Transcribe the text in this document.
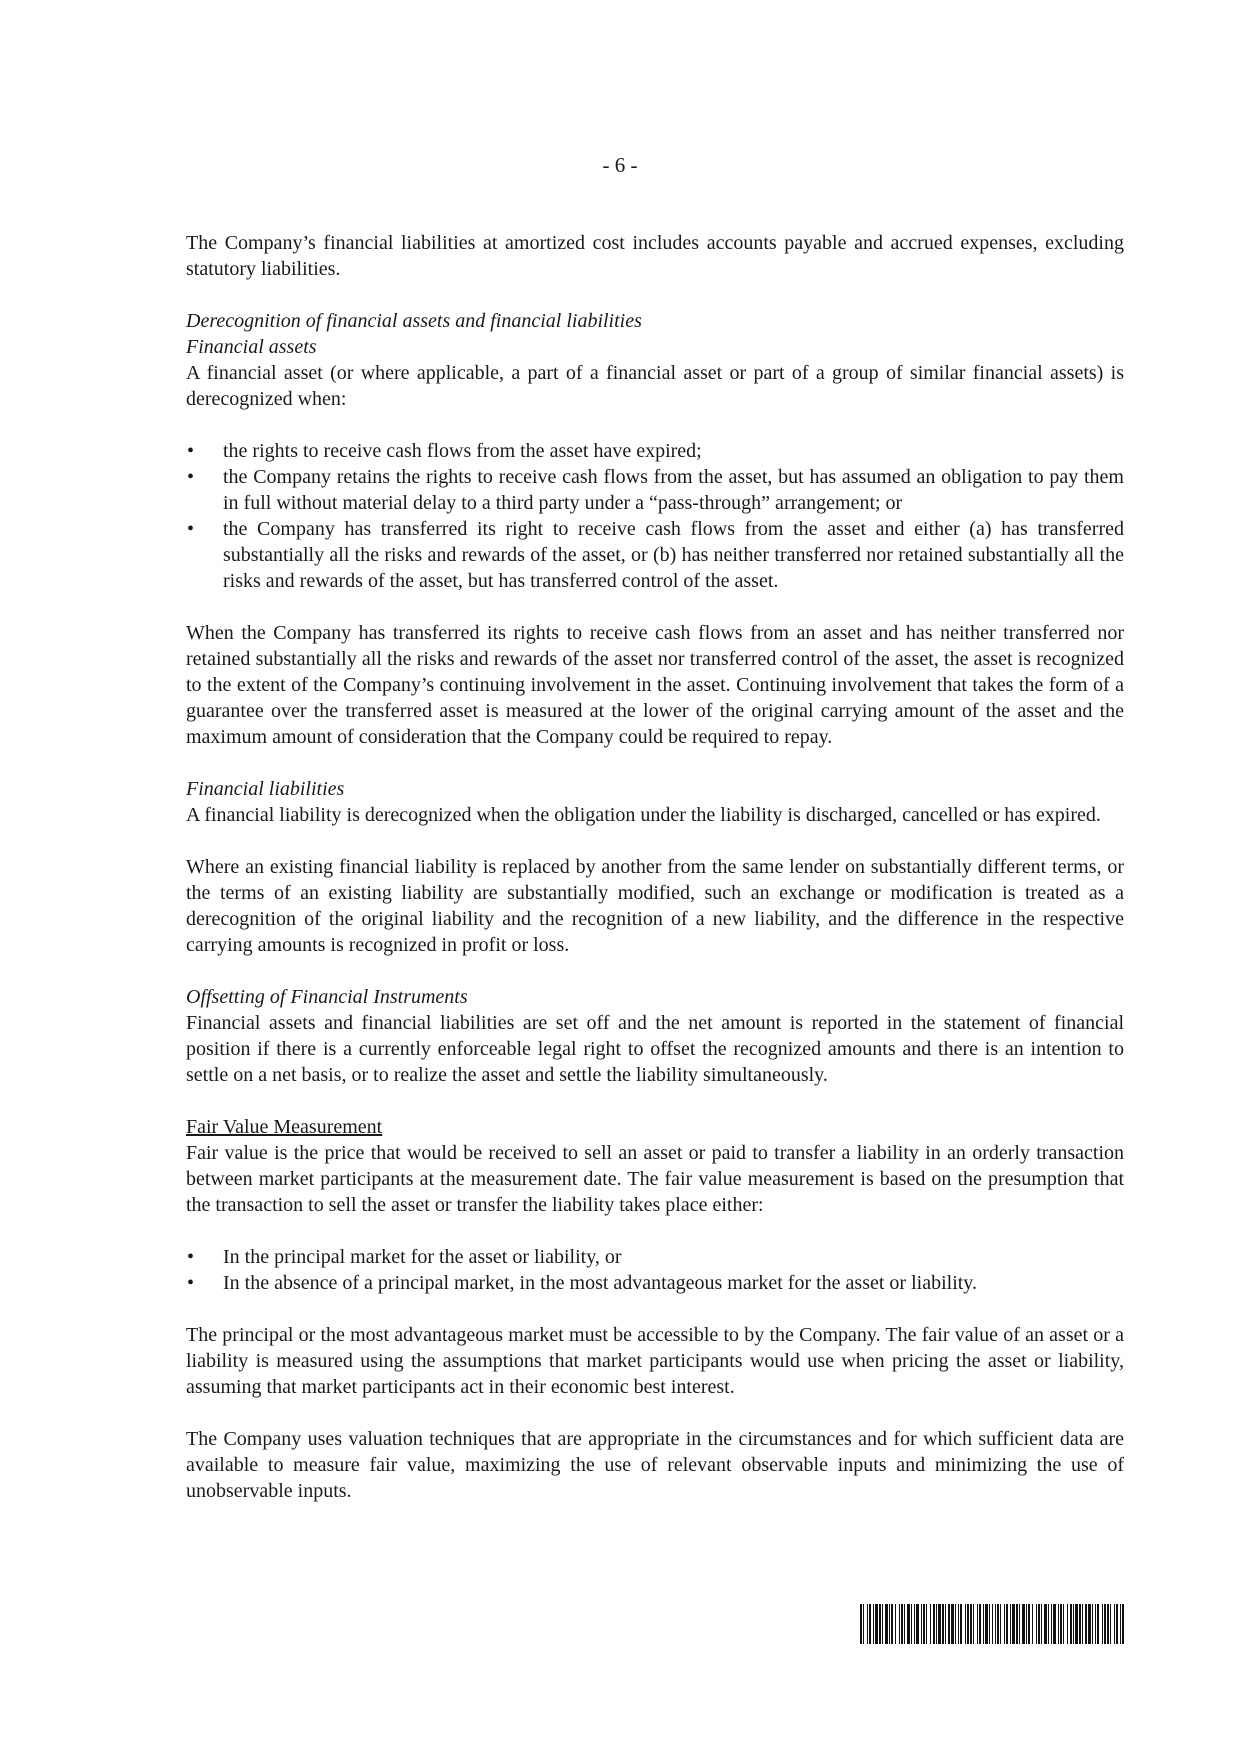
- 6 -

The Company’s financial liabilities at amortized cost includes accounts payable and accrued expenses, excluding statutory liabilities.

Derecognition of financial assets and financial liabilities

Financial assets

A financial asset (or where applicable, a part of a financial asset or part of a group of similar financial assets) is derecognized when:

• the rights to receive cash flows from the asset have expired;
• the Company retains the rights to receive cash flows from the asset, but has assumed an obligation to pay them in full without material delay to a third party under a “pass-through” arrangement; or
• the Company has transferred its right to receive cash flows from the asset and either (a) has transferred substantially all the risks and rewards of the asset, or (b) has neither transferred nor retained substantially all the risks and rewards of the asset, but has transferred control of the asset.

When the Company has transferred its rights to receive cash flows from an asset and has neither transferred nor retained substantially all the risks and rewards of the asset nor transferred control of the asset, the asset is recognized to the extent of the Company’s continuing involvement in the asset. Continuing involvement that takes the form of a guarantee over the transferred asset is measured at the lower of the original carrying amount of the asset and the maximum amount of consideration that the Company could be required to repay.

Financial liabilities

A financial liability is derecognized when the obligation under the liability is discharged, cancelled or has expired.

Where an existing financial liability is replaced by another from the same lender on substantially different terms, or the terms of an existing liability are substantially modified, such an exchange or modification is treated as a derecognition of the original liability and the recognition of a new liability, and the difference in the respective carrying amounts is recognized in profit or loss.

Offsetting of Financial Instruments

Financial assets and financial liabilities are set off and the net amount is reported in the statement of financial position if there is a currently enforceable legal right to offset the recognized amounts and there is an intention to settle on a net basis, or to realize the asset and settle the liability simultaneously.

Fair Value Measurement

Fair value is the price that would be received to sell an asset or paid to transfer a liability in an orderly transaction between market participants at the measurement date. The fair value measurement is based on the presumption that the transaction to sell the asset or transfer the liability takes place either:

• In the principal market for the asset or liability, or
• In the absence of a principal market, in the most advantageous market for the asset or liability.

The principal or the most advantageous market must be accessible to by the Company. The fair value of an asset or a liability is measured using the assumptions that market participants would use when pricing the asset or liability, assuming that market participants act in their economic best interest.

The Company uses valuation techniques that are appropriate in the circumstances and for which sufficient data are available to measure fair value, maximizing the use of relevant observable inputs and minimizing the use of unobservable inputs.
